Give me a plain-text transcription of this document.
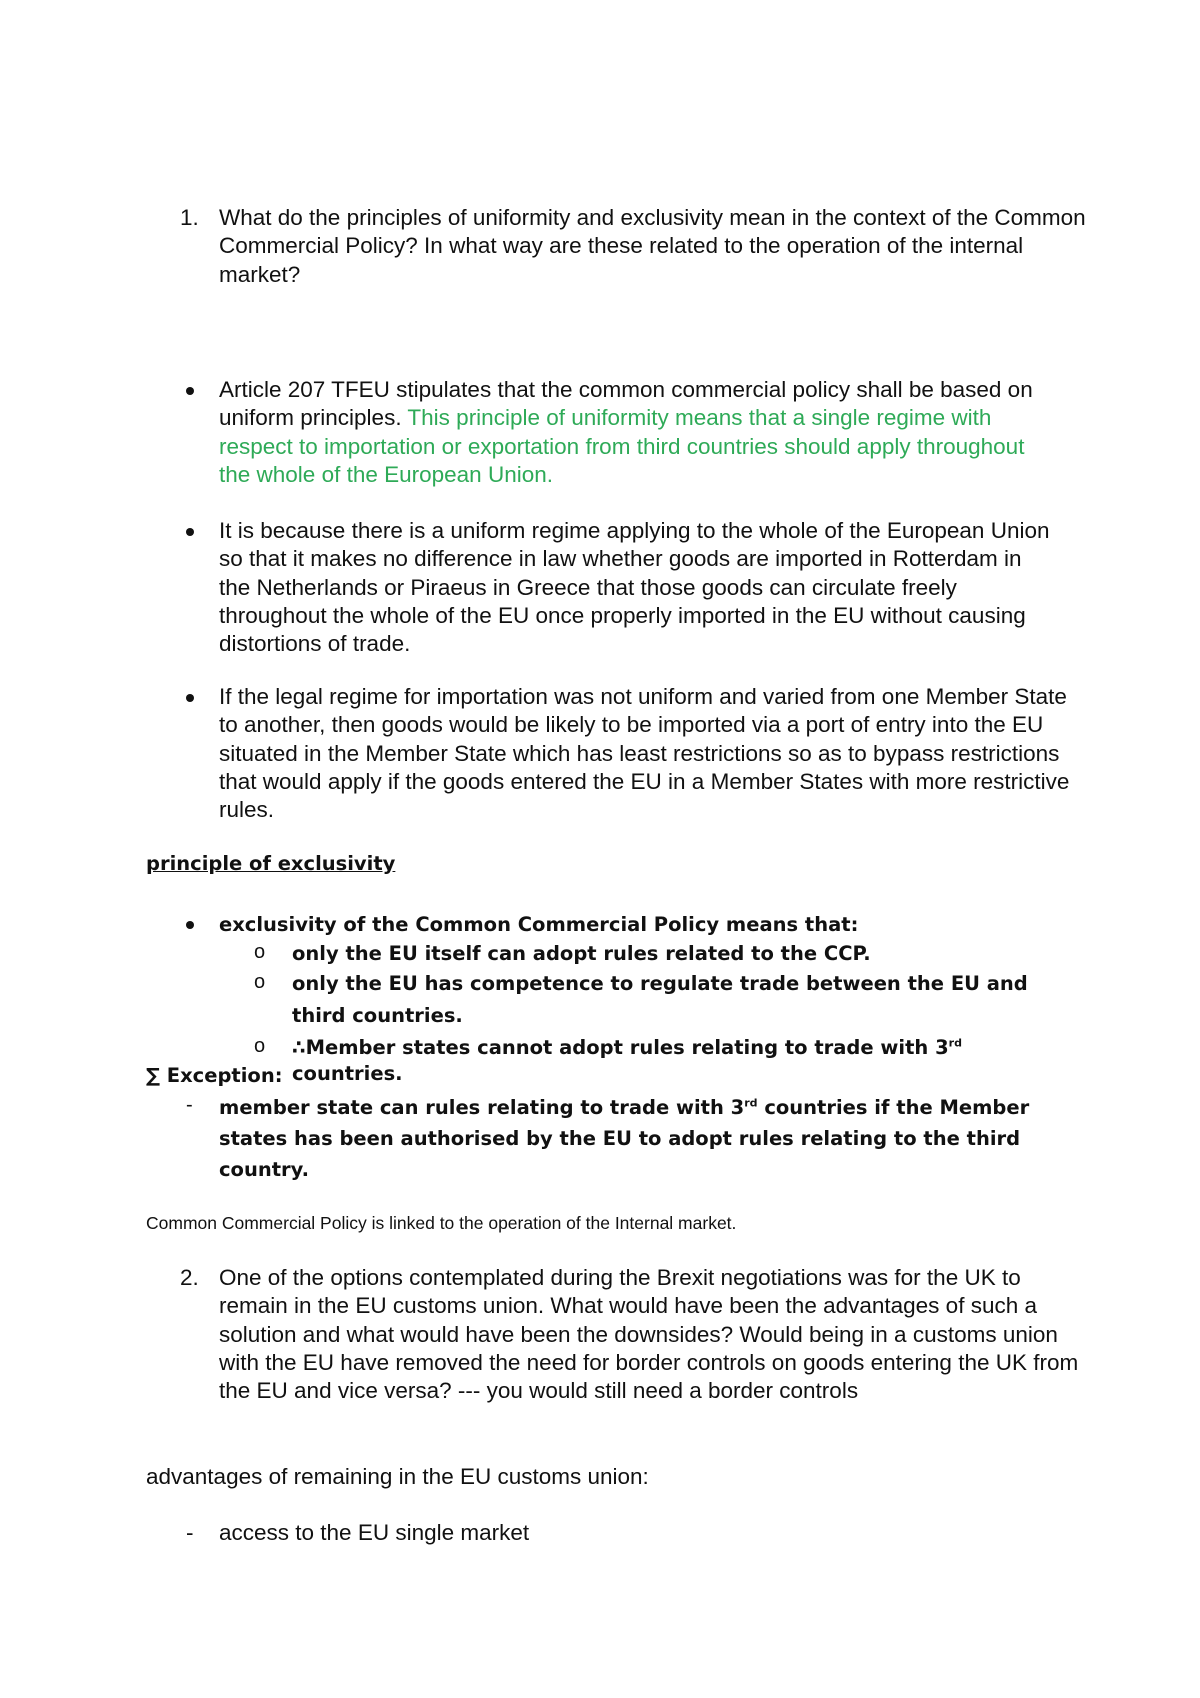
1. What do the principles of uniformity and exclusivity mean in the context of the Common Commercial Policy? In what way are these related to the operation of the internal market?
Article 207 TFEU stipulates that the common commercial policy shall be based on uniform principles. This principle of uniformity means that a single regime with respect to importation or exportation from third countries should apply throughout the whole of the European Union.
It is because there is a uniform regime applying to the whole of the European Union so that it makes no difference in law whether goods are imported in Rotterdam in the Netherlands or Piraeus in Greece that those goods can circulate freely throughout the whole of the EU once properly imported in the EU without causing distortions of trade.
If the legal regime for importation was not uniform and varied from one Member State to another, then goods would be likely to be imported via a port of entry into the EU situated in the Member State which has least restrictions so as to bypass restrictions that would apply if the goods entered the EU in a Member States with more restrictive rules.
principle of exclusivity
exclusivity of the Common Commercial Policy means that:
o only the EU itself can adopt rules related to the CCP.
o only the EU has competence to regulate trade between the EU and third countries.
o ∴Member states cannot adopt rules relating to trade with 3rd countries.
∑ Exception:
- member state can rules relating to trade with 3rd countries if the Member states has been authorised by the EU to adopt rules relating to the third country.
Common Commercial Policy is linked to the operation of the Internal market.
2. One of the options contemplated during the Brexit negotiations was for the UK to remain in the EU customs union. What would have been the advantages of such a solution and what would have been the downsides? Would being in a customs union with the EU have removed the need for border controls on goods entering the UK from the EU and vice versa? --- you would still need a border controls
advantages of remaining in the EU customs union:
- access to the EU single market
